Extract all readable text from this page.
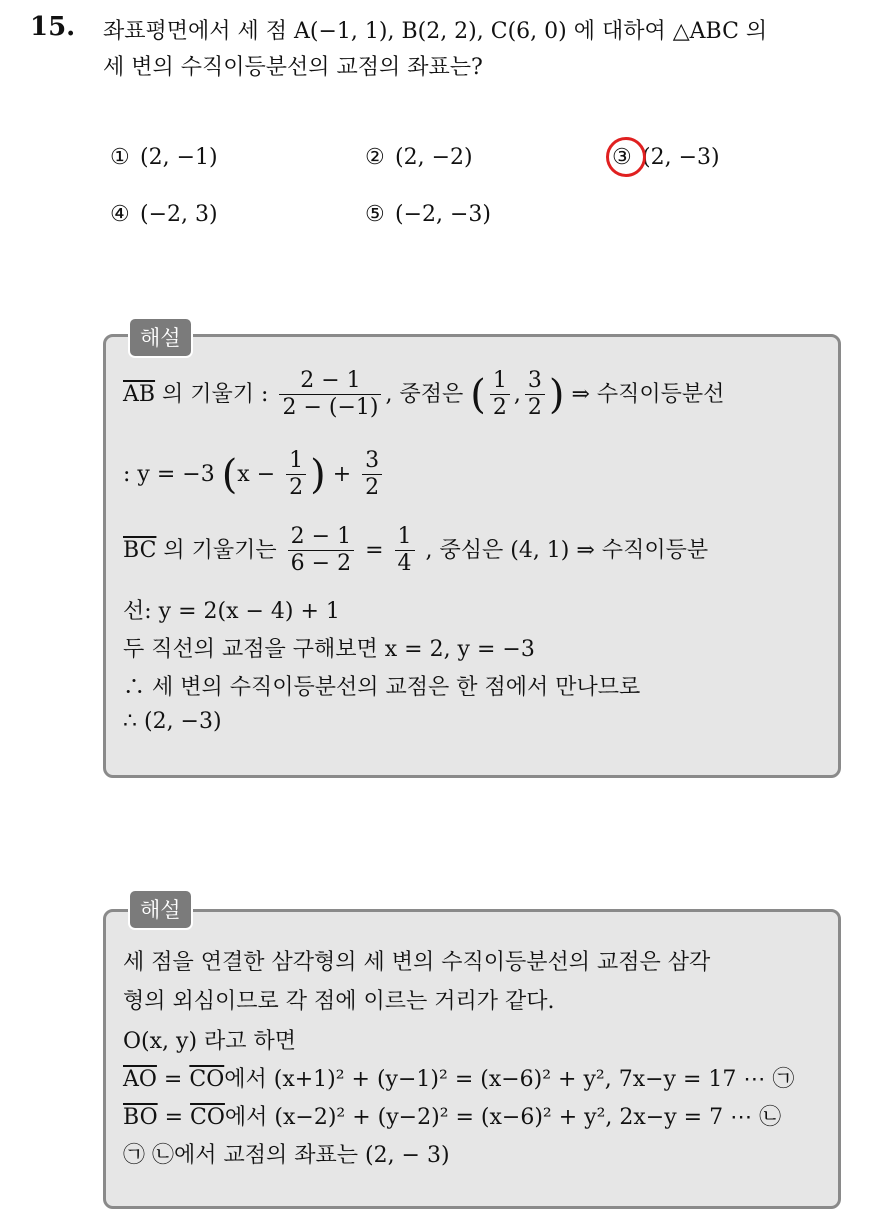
15. 좌표평면에서 세 점 A(−1, 1), B(2, 2), C(6, 0) 에 대하여 △ABC 의
세 변의 수직이등분선의 교점의 좌표는?
① (2, −1)	② (2, −2)	③ (2, −3)
④ (−2, 3)	⑤ (−2, −3)
해설
$\overline{AB}$ 의 기울기 : $\frac{2 - 1}{2 - (-1)}$ , 중점은 ( $\frac{1}{2}$ , $\frac{3}{2}$ ) ⇒ 수직이등분선
: y = −3 ($x - \frac{1}{2}$ ) + $\frac{3}{2}$
$\overline{BC}$ 의 기울기는 $\frac{2 - 1}{6 - 2} = \frac{1}{4}$ , 중심은 (4, 1) ⇒ 수직이등분
선: y = 2(x − 4) + 1
두 직선의 교점을 구해보면 x = 2, y = −3
∴ 세 변의 수직이등분선의 교점은 한 점에서 만나므로
∴ (2, −3)
해설
세 점을 연결한 삼각형의 세 변의 수직이등분선의 교점은 삼각
형의 외심이므로 각 점에 이르는 거리가 같다.
O(x, y) 라고 하면
$\overline{AO} = \overline{CO}$에서 (x+1)² + (y−1)² = (x−6)² + y², 7x−y = 17 ⋯ ㉠
$\overline{BO} = \overline{CO}$에서 (x−2)² + (y−2)² = (x−6)² + y², 2x−y = 7 ⋯ ㉡
㉠ ㉡에서 교점의 좌표는 (2, − 3)
